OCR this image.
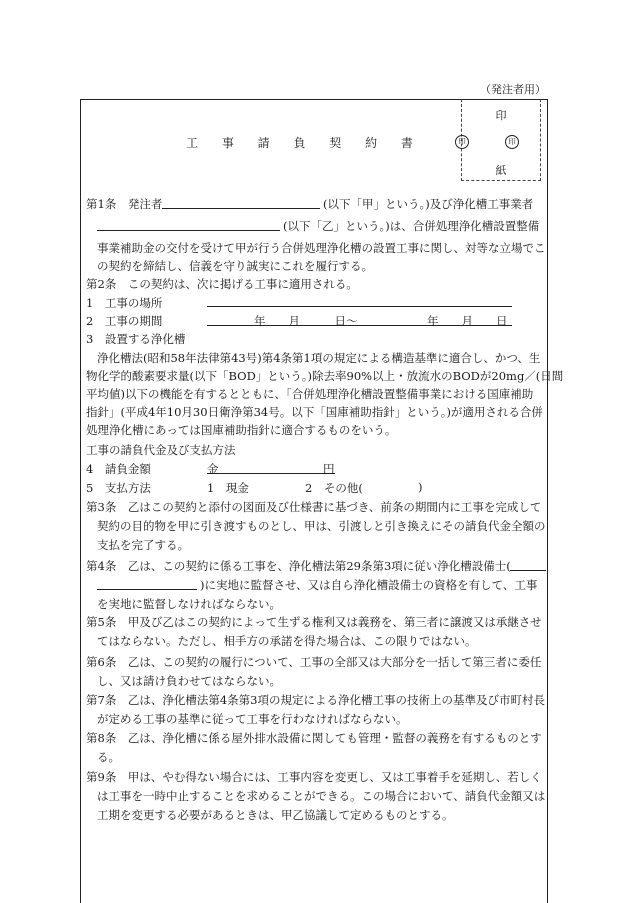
（発注者用）
工 事 請 負 契 約 書
印
紙
印	印
第1条　発注者	(以下「甲」という。)及び浄化槽工事業者
(以下「乙」という。)は、合併処理浄化槽設置整備
事業補助金の交付を受けて甲が行う合併処理浄化槽の設置工事に関し、対等な立場でこ
の契約を締結し、信義を守り誠実にこれを履行する。
第2条　この契約は、次に掲げる工事に適用される。
1　工事の場所
2　工事の期間	年　　月　　　日～	年　　月　　日
3　設置する浄化槽
浄化槽法(昭和58年法律第43号)第4条第1項の規定による構造基準に適合し、かつ、生
物化学的酸素要求量(以下「BOD」という。)除去率90%以上・放流水のBODが20mg／(日間
平均値)以下の機能を有するとともに、「合併処理浄化槽設置整備事業における国庫補助
指針」(平成4年10月30日衛浄第34号。以下「国庫補助指針」という。)が適用される合併
処理浄化槽にあっては国庫補助指針に適合するものをいう。
工事の請負代金及び支払方法
4　請負金額	金	円
5　支払方法	1　現金	2　その他(	)
第3条　乙はこの契約と添付の図面及び仕様書に基づき、前条の期間内に工事を完成して
契約の目的物を甲に引き渡すものとし、甲は、引渡しと引き換えにその請負代金全額の
支払を完了する。
第4条　乙は、この契約に係る工事を、浄化槽法第29条第3項に従い浄化槽設備士(
)に実地に監督させ、又は自ら浄化槽設備士の資格を有して、工事
を実地に監督しなければならない。
第5条　甲及び乙はこの契約によって生ずる権利又は義務を、第三者に譲渡又は承継させ
てはならない。ただし、相手方の承諾を得た場合は、この限りではない。
第6条　乙は、この契約の履行について、工事の全部又は大部分を一括して第三者に委任
し、又は請け負わせてはならない。
第7条　乙は、浄化槽法第4条第3項の規定による浄化槽工事の技術上の基準及び市町村長
が定める工事の基準に従って工事を行わなければならない。
第8条　乙は、浄化槽に係る屋外排水設備に関しても管理・監督の義務を有するものとす
る。
第9条　甲は、やむ得ない場合には、工事内容を変更し、又は工事着手を延期し、若しく
は工事を一時中止することを求めることができる。この場合において、請負代金額又は
工期を変更する必要があるときは、甲乙協議して定めるものとする。
